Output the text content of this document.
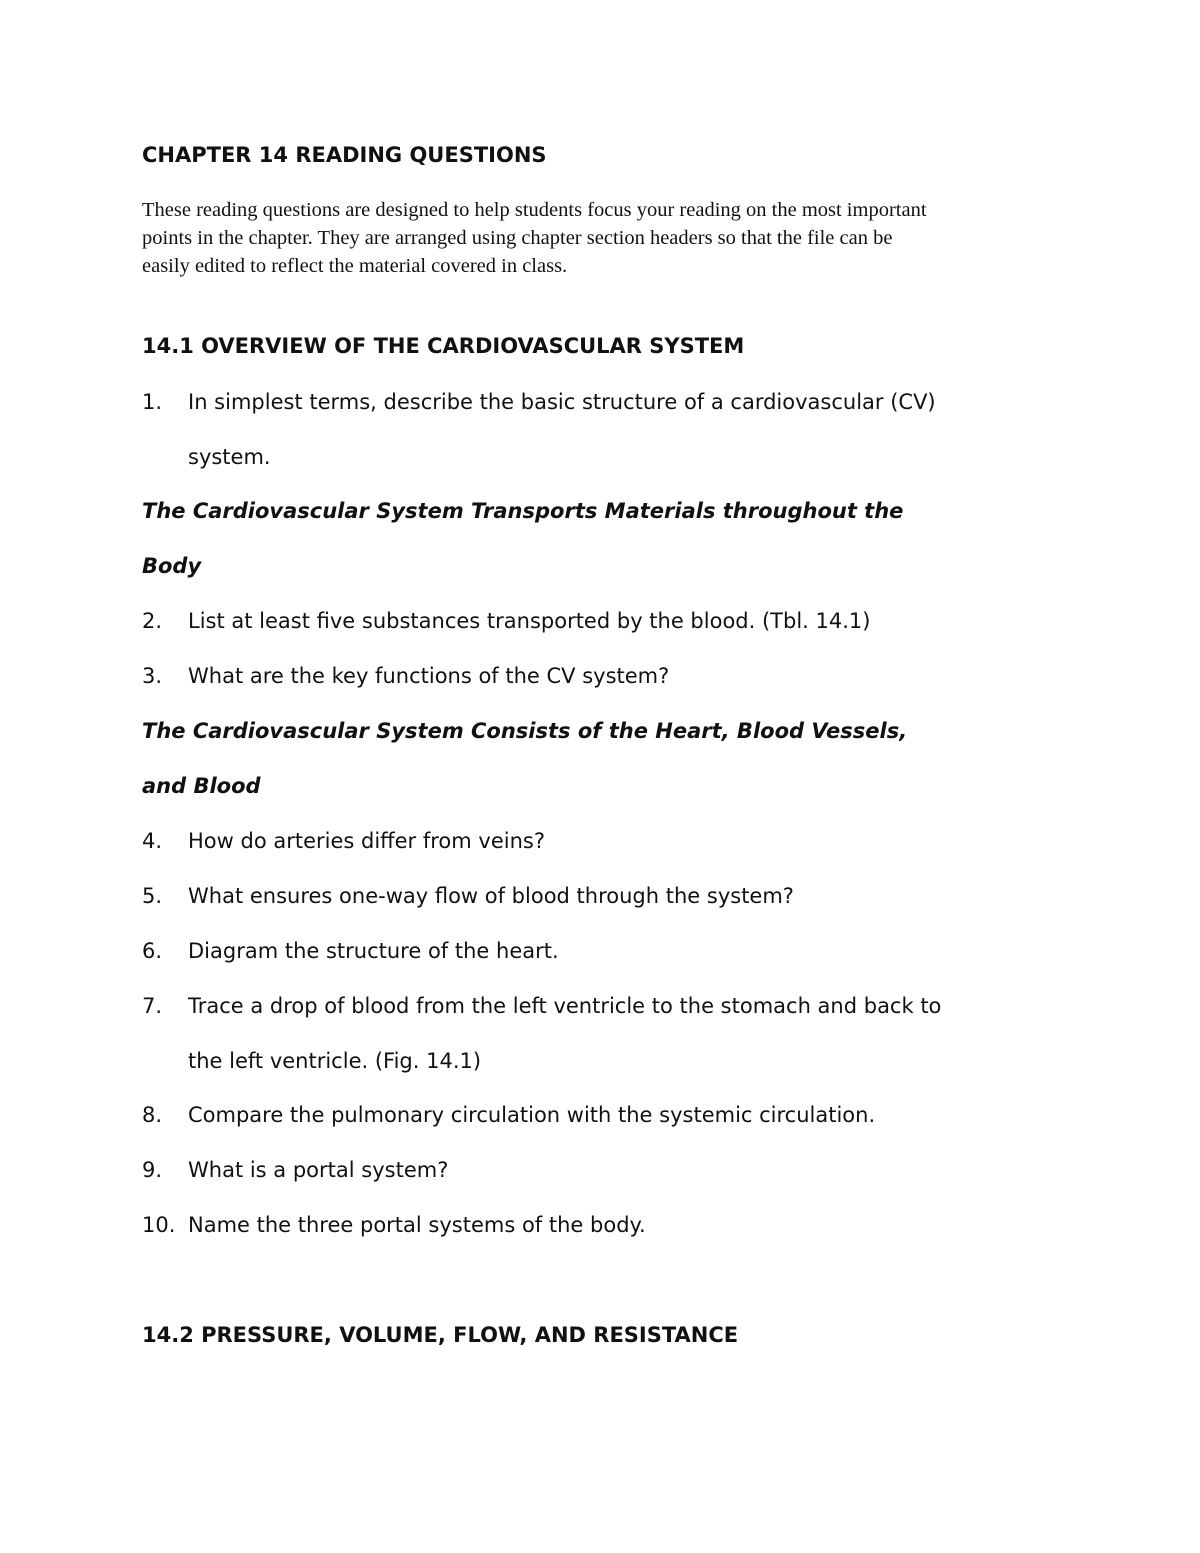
CHAPTER 14 READING QUESTIONS

These reading questions are designed to help students focus your reading on the most important
points in the chapter. They are arranged using chapter section headers so that the file can be
easily edited to reflect the material covered in class.

14.1 OVERVIEW OF THE CARDIOVASCULAR SYSTEM
1. In simplest terms, describe the basic structure of a cardiovascular (CV)
system.
The Cardiovascular System Transports Materials throughout the
Body
2. List at least five substances transported by the blood. (Tbl. 14.1)
3. What are the key functions of the CV system?
The Cardiovascular System Consists of the Heart, Blood Vessels,
and Blood
4. How do arteries differ from veins?
5. What ensures one-way flow of blood through the system?
6. Diagram the structure of the heart.
7. Trace a drop of blood from the left ventricle to the stomach and back to
the left ventricle. (Fig. 14.1)
8. Compare the pulmonary circulation with the systemic circulation.
9. What is a portal system?
10. Name the three portal systems of the body.
14.2 PRESSURE, VOLUME, FLOW, AND RESISTANCE
